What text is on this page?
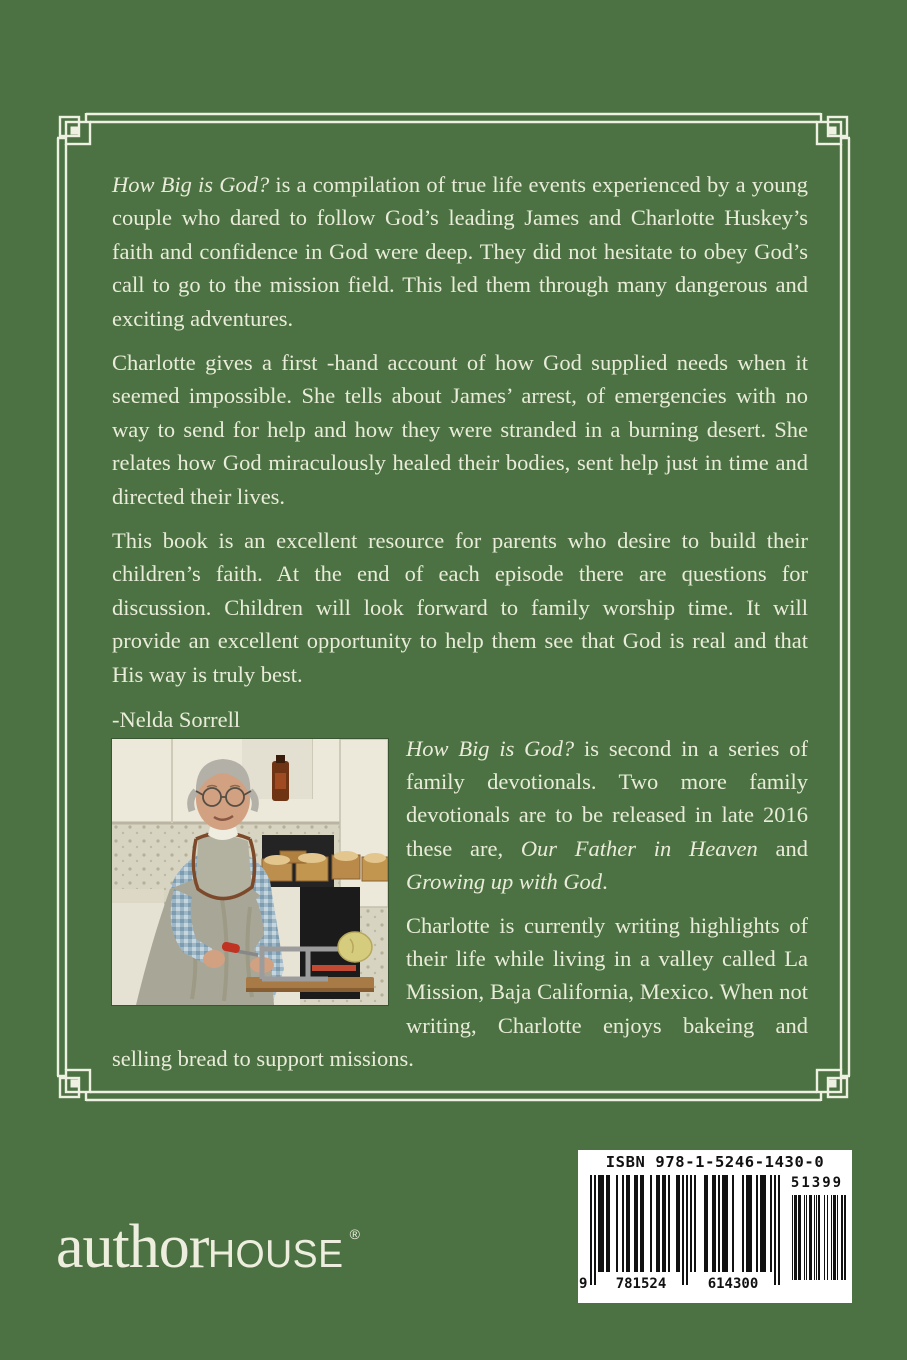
How Big is God? is a compilation of true life events experienced by a young couple who dared to follow God’s leading James and Charlotte Huskey’s faith and confidence in God were deep. They did not hesitate to obey God’s call to go to the mission field. This led them through many dangerous and exciting adventures.

Charlotte gives a first -hand account of how God supplied needs when it seemed impossible. She tells about James’ arrest, of emergencies with no way to send for help and how they were stranded in a burning desert. She relates how God miraculously healed their bodies, sent help just in time and directed their lives.

This book is an excellent resource for parents who desire to build their children’s faith. At the end of each episode there are questions for discussion. Children will look forward to family worship time. It will provide an excellent opportunity to help them see that God is real and that His way is truly best.

-Nelda Sorrell

How Big is God? is second in a series of family devotionals. Two more family devotionals are to be released in late 2016 these are, Our Father in Heaven and Growing up with God.

Charlotte is currently writing highlights of their life while living in a valley called La Mission, Baja California, Mexico. When not writing, Charlotte enjoys bakeing and selling bread to support missions.

authorHOUSE ®
ISBN 978-1-5246-1430-0
9	781524	614300
51399
